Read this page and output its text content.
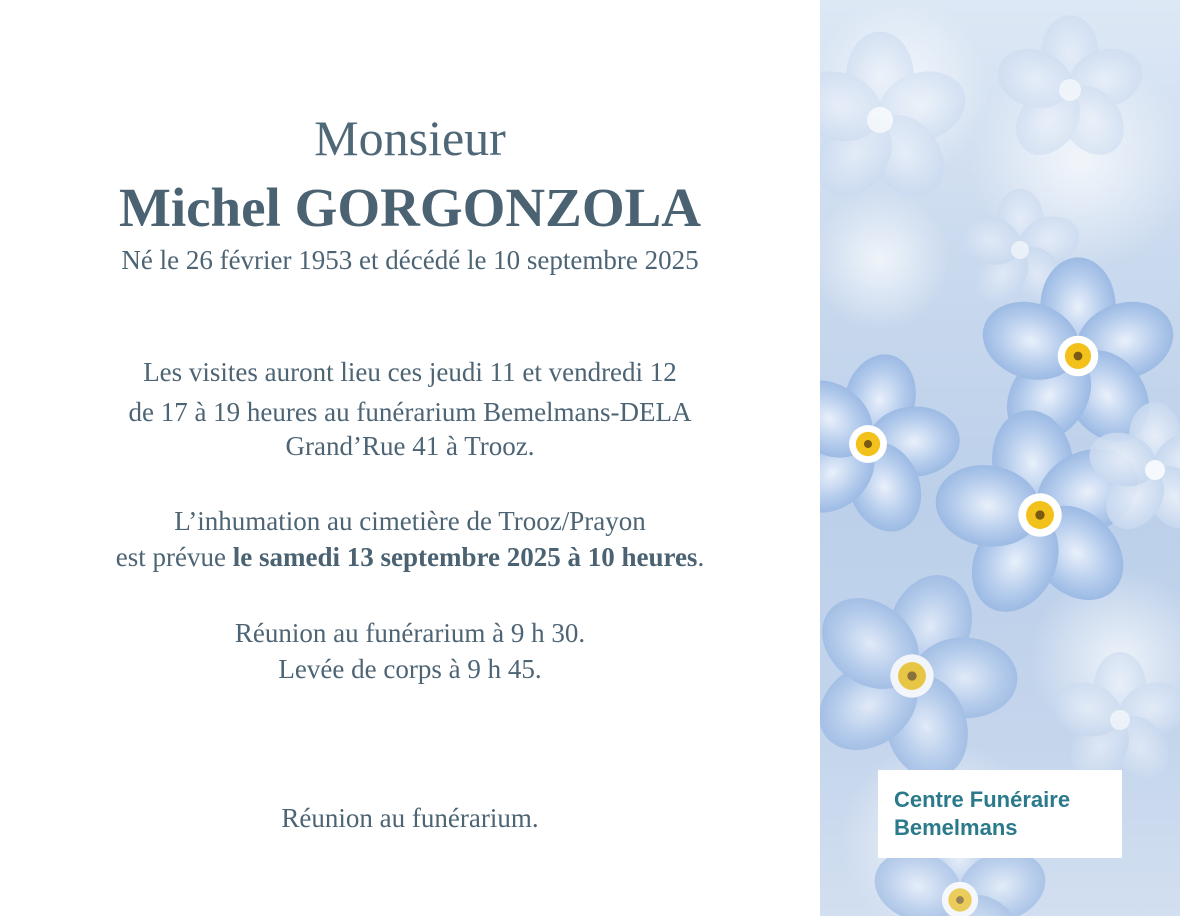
Monsieur
Michel GORGONZOLA
Né le 26 février 1953 et décédé le 10 septembre 2025
Les visites auront lieu ces jeudi 11 et vendredi 12
de 17 à 19 heures au funérarium Bemelmans-DELA
Grand’Rue 41 à Trooz.
L’inhumation au cimetière de Trooz/Prayon
est prévue le samedi 13 septembre 2025 à 10 heures.
Réunion au funérarium à 9 h 30.
Levée de corps à 9 h 45.
Réunion au funérarium.
Centre Funéraire
Bemelmans
